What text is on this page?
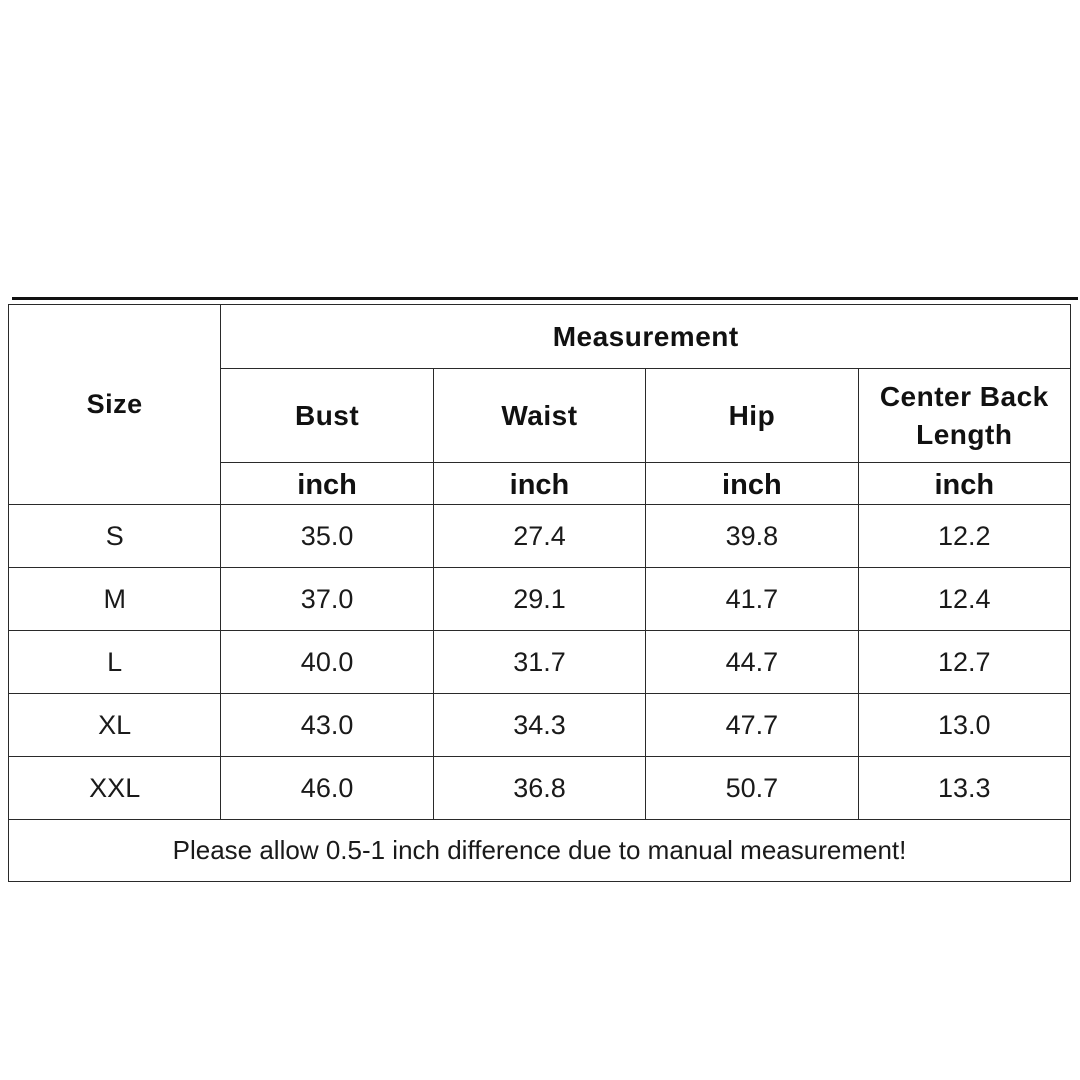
Size	Measurement			
	Bust	Waist	Hip	Center Back
Length

	inch	inch	inch	inch

S	35.0	27.4	39.8	12.2
M	37.0	29.1	41.7	12.4
L	40.0	31.7	44.7	12.7
XL	43.0	34.3	47.7	13.0
XXL	46.0	36.8	50.7	13.3
Please allow 0.5-1 inch difference due to manual measurement!				
